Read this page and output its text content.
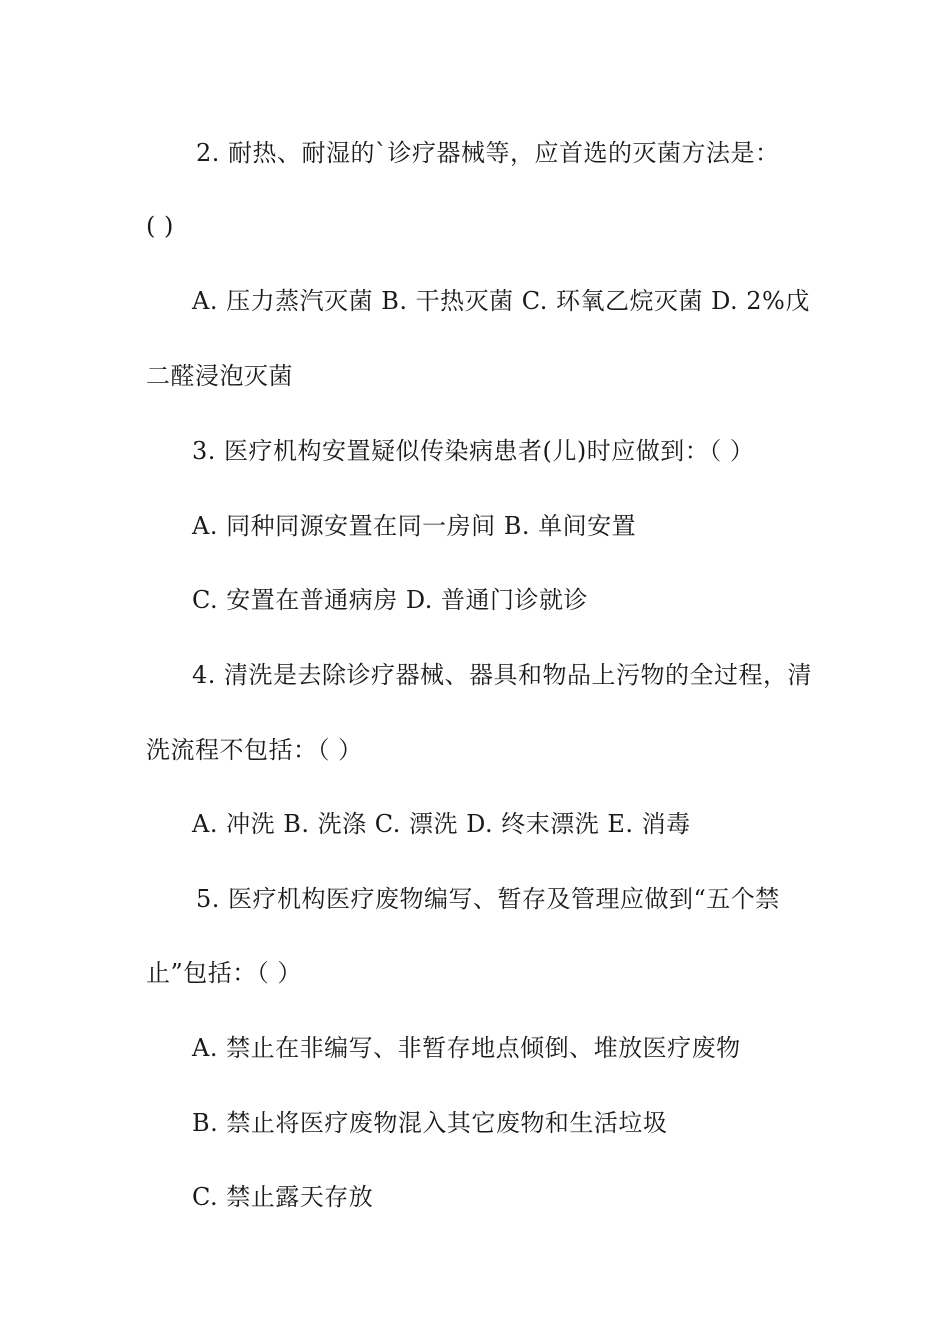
2. 耐热、耐湿的`诊疗器械等，应首选的灭菌方法是：
( )
A. 压力蒸汽灭菌 B. 干热灭菌 C. 环氧乙烷灭菌 D. 2%戊
二醛浸泡灭菌
3. 医疗机构安置疑似传染病患者(儿)时应做到：（ ）
A. 同种同源安置在同一房间 B. 单间安置
C. 安置在普通病房 D. 普通门诊就诊
4. 清洗是去除诊疗器械、器具和物品上污物的全过程，清
洗流程不包括：（ ）
A. 冲洗 B. 洗涤 C. 漂洗 D. 终末漂洗 E. 消毒
5. 医疗机构医疗废物编写、暂存及管理应做到“五个禁
止”包括：（ ）
A. 禁止在非编写、非暂存地点倾倒、堆放医疗废物
B. 禁止将医疗废物混入其它废物和生活垃圾
C. 禁止露天存放
